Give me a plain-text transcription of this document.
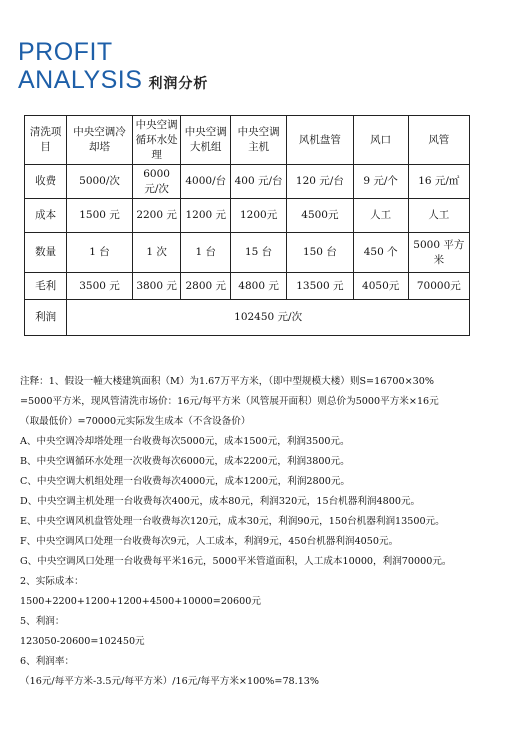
PROFIT
ANALYSIS 利润分析
清洗项目	中央空调冷却塔	中央空调循环水处理	中央空调大机组	中央空调主机	风机盘管	风口	风管
收费	5000/次	6000 元/次	4000/台	400 元/台	120 元/台	9 元/个	16 元/㎡
成本	1500 元	2200 元	1200 元	1200元	4500元	人工	人工
数量	1 台	1 次	1 台	15 台	150 台	450 个	5000 平方米
毛利	3500 元	3800 元	2800 元	4800 元	13500 元	4050元	70000元
利润	102450 元/次						

注释：1、假设一幢大楼建筑面积（M）为1.67万平方米，（即中型规模大楼）则S=16700×30%

=5000平方米，现风管清洗市场价：16元/每平方米（风管展开面积）则总价为5000平方米×16元

（取最低价）=70000元实际发生成本（不含设备价）

A、中央空调冷却塔处理一台收费每次5000元，成本1500元，利润3500元。

B、中央空调循环水处理一次收费每次6000元，成本2200元，利润3800元。

C、中央空调大机组处理一台收费每次4000元，成本1200元，利润2800元。

D、中央空调主机处理一台收费每次400元，成本80元，利润320元，15台机器利润4800元。

E、中央空调风机盘管处理一台收费每次120元，成本30元，利润90元，150台机器利润13500元。

F、中央空调风口处理一台收费每次9元，人工成本，利润9元，450台机器利润4050元。

G、中央空调风口处理一台收费每平米16元，5000平米管道面积，人工成本10000，利润70000元。

2、实际成本：

1500+2200+1200+1200+4500+10000=20600元

5、利润：

123050-20600=102450元

6、利润率：

（16元/每平方米-3.5元/每平方米）/16元/每平方米×100%=78.13%
